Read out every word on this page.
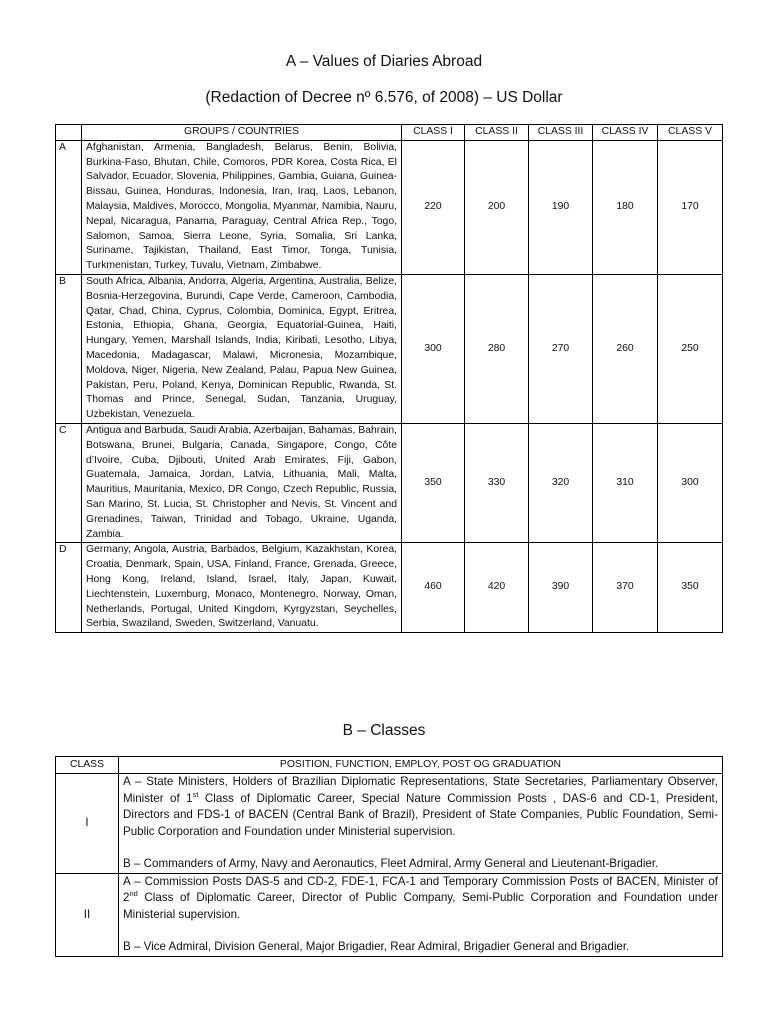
A – Values of Diaries Abroad
(Redaction of Decree nº 6.576, of 2008) – US Dollar
	GROUPS / COUNTRIES	CLASS I	CLASS II	CLASS III	CLASS IV	CLASS V
A	Afghanistan, Armenia, Bangladesh, Belarus, Benin, Bolivia, Burkina-Faso, Bhutan, Chile, Comoros, PDR Korea, Costa Rica, El Salvador, Ecuador, Slovenia, Philippines, Gambia, Guiana, Guinea-Bissau, Guinea, Honduras, Indonesia, Iran, Iraq, Laos, Lebanon, Malaysia, Maldives, Morocco, Mongolia, Myanmar, Namibia, Nauru, Nepal, Nicaragua, Panama, Paraguay, Central Africa Rep., Togo, Salomon, Samoa, Sierra Leone, Syria, Somalia, Sri Lanka, Suriname, Tajikistan, Thailand, East Timor, Tonga, Tunisia, Turkmenistan, Turkey, Tuvalu, Vietnam, Zimbabwe.	220	200	190	180	170
B	South Africa, Albania, Andorra, Algeria, Argentina, Australia, Belize, Bosnia-Herzegovina, Burundi, Cape Verde, Cameroon, Cambodia, Qatar, Chad, China, Cyprus, Colombia, Dominica, Egypt, Eritrea, Estonia, Ethiopia, Ghana, Georgia, Equatorial-Guinea, Haiti, Hungary, Yemen, Marshall Islands, India, Kiribati, Lesotho, Libya, Macedonia, Madagascar, Malawi, Micronesia, Mozambique, Moldova, Niger, Nigeria, New Zealand, Palau, Papua New Guinea, Pakistan, Peru, Poland, Kenya, Dominican Republic, Rwanda, St. Thomas and Prince, Senegal, Sudan, Tanzania, Uruguay, Uzbekistan, Venezuela.	300	280	270	260	250
C	Antigua and Barbuda, Saudi Arabia, Azerbaijan, Bahamas, Bahrain, Botswana, Brunei, Bulgaria, Canada, Singapore, Congo, Côte d’Ivoire, Cuba, Djibouti, United Arab Emirates, Fiji, Gabon, Guatemala, Jamaica, Jordan, Latvia, Lithuania, Mali, Malta, Mauritius, Mauritania, Mexico, DR Congo, Czech Republic, Russia, San Marino, St. Lucia, St. Christopher and Nevis, St. Vincent and Grenadines, Taiwan, Trinidad and Tobago, Ukraine, Uganda, Zambia.	350	330	320	310	300
D	Germany, Angola, Austria, Barbados, Belgium, Kazakhstan, Korea, Croatia, Denmark, Spain, USA, Finland, France, Grenada, Greece, Hong Kong, Ireland, Island, Israel, Italy, Japan, Kuwait, Liechtenstein, Luxemburg, Monaco, Montenegro, Norway, Oman, Netherlands, Portugal, United Kingdom, Kyrgyzstan, Seychelles, Serbia, Swaziland, Sweden, Switzerland, Vanuatu.	460	420	390	370	350
B – Classes
CLASS	POSITION, FUNCTION, EMPLOY, POST OG GRADUATION
I	A – State Ministers, Holders of Brazilian Diplomatic Representations, State Secretaries, Parliamentary Observer, Minister of 1st Class of Diplomatic Career, Special Nature Commission Posts , DAS-6 and CD-1, President, Directors and FDS-1 of BACEN (Central Bank of Brazil), President of State Companies, Public Foundation, Semi-Public Corporation and Foundation under Ministerial supervision.

B – Commanders of Army, Navy and Aeronautics, Fleet Admiral, Army General and Lieutenant-Brigadier.

II	A – Commission Posts DAS-5 and CD-2, FDE-1, FCA-1 and Temporary Commission Posts of BACEN, Minister of 2nd Class of Diplomatic Career, Director of Public Company, Semi-Public Corporation and Foundation under Ministerial supervision.

B – Vice Admiral, Division General, Major Brigadier, Rear Admiral, Brigadier General and Brigadier.
